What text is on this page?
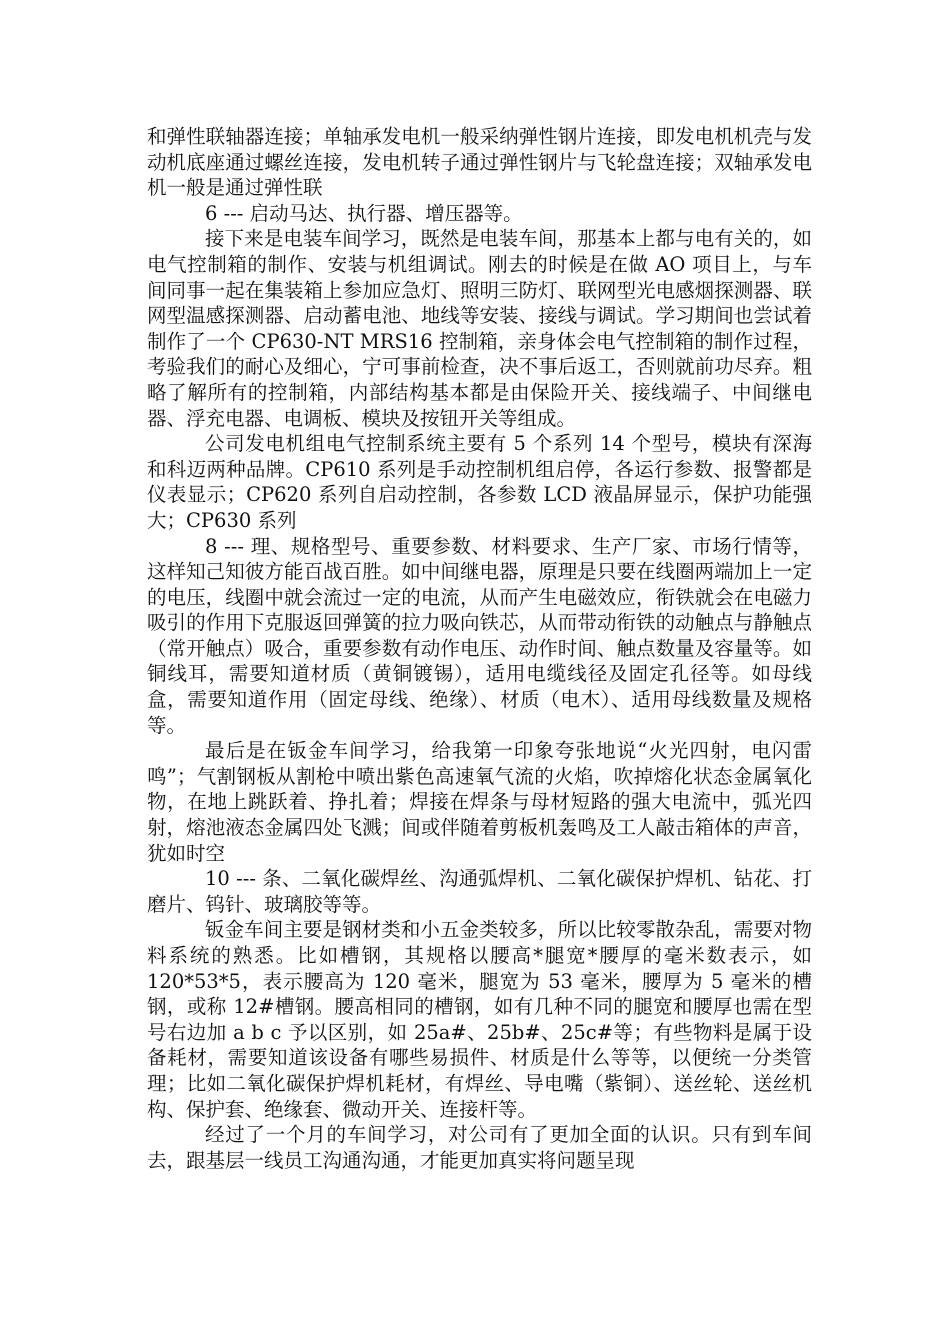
和弹性联轴器连接；单轴承发电机一般采纳弹性钢片连接，即发电机机壳与发动机底座通过螺丝连接，发电机转子通过弹性钢片与飞轮盘连接；双轴承发电机一般是通过弹性联

6 --- 启动马达、执行器、增压器等。

接下来是电装车间学习，既然是电装车间，那基本上都与电有关的，如电气控制箱的制作、安装与机组调试。刚去的时候是在做 AO 项目上，与车间同事一起在集装箱上参加应急灯、照明三防灯、联网型光电感烟探测器、联网型温感探测器、启动蓄电池、地线等安装、接线与调试。学习期间也尝试着制作了一个 CP630-NT MRS16 控制箱，亲身体会电气控制箱的制作过程，考验我们的耐心及细心，宁可事前检查，决不事后返工，否则就前功尽弃。粗略了解所有的控制箱，内部结构基本都是由保险开关、接线端子、中间继电器、浮充电器、电调板、模块及按钮开关等组成。

公司发电机组电气控制系统主要有 5 个系列 14 个型号，模块有深海和科迈两种品牌。CP610 系列是手动控制机组启停，各运行参数、报警都是仪表显示；CP620 系列自启动控制，各参数 LCD 液晶屏显示，保护功能强大；CP630 系列

8 --- 理、规格型号、重要参数、材料要求、生产厂家、市场行情等，这样知己知彼方能百战百胜。如中间继电器，原理是只要在线圈两端加上一定的电压，线圈中就会流过一定的电流，从而产生电磁效应，衔铁就会在电磁力吸引的作用下克服返回弹簧的拉力吸向铁芯，从而带动衔铁的动触点与静触点（常开触点）吸合，重要参数有动作电压、动作时间、触点数量及容量等。如铜线耳，需要知道材质（黄铜镀锡），适用电缆线径及固定孔径等。如母线盒，需要知道作用（固定母线、绝缘）、材质（电木）、适用母线数量及规格等。

最后是在钣金车间学习，给我第一印象夸张地说“火光四射，电闪雷鸣”；气割钢板从割枪中喷出紫色高速氧气流的火焰，吹掉熔化状态金属氧化物，在地上跳跃着、挣扎着；焊接在焊条与母材短路的强大电流中，弧光四射，熔池液态金属四处飞溅；间或伴随着剪板机轰鸣及工人敲击箱体的声音，犹如时空

10 --- 条、二氧化碳焊丝、沟通弧焊机、二氧化碳保护焊机、钻花、打磨片、钨针、玻璃胶等等。

钣金车间主要是钢材类和小五金类较多，所以比较零散杂乱，需要对物料系统的熟悉。比如槽钢，其规格以腰高*腿宽*腰厚的毫米数表示，如 120*53*5，表示腰高为 120 毫米，腿宽为 53 毫米，腰厚为 5 毫米的槽钢，或称 12#槽钢。腰高相同的槽钢，如有几种不同的腿宽和腰厚也需在型号右边加 a b c 予以区别，如 25a#、25b#、25c#等；有些物料是属于设备耗材，需要知道该设备有哪些易损件、材质是什么等等，以便统一分类管理；比如二氧化碳保护焊机耗材，有焊丝、导电嘴（紫铜）、送丝轮、送丝机构、保护套、绝缘套、微动开关、连接杆等。

经过了一个月的车间学习，对公司有了更加全面的认识。只有到车间去，跟基层一线员工沟通沟通，才能更加真实将问题呈现
